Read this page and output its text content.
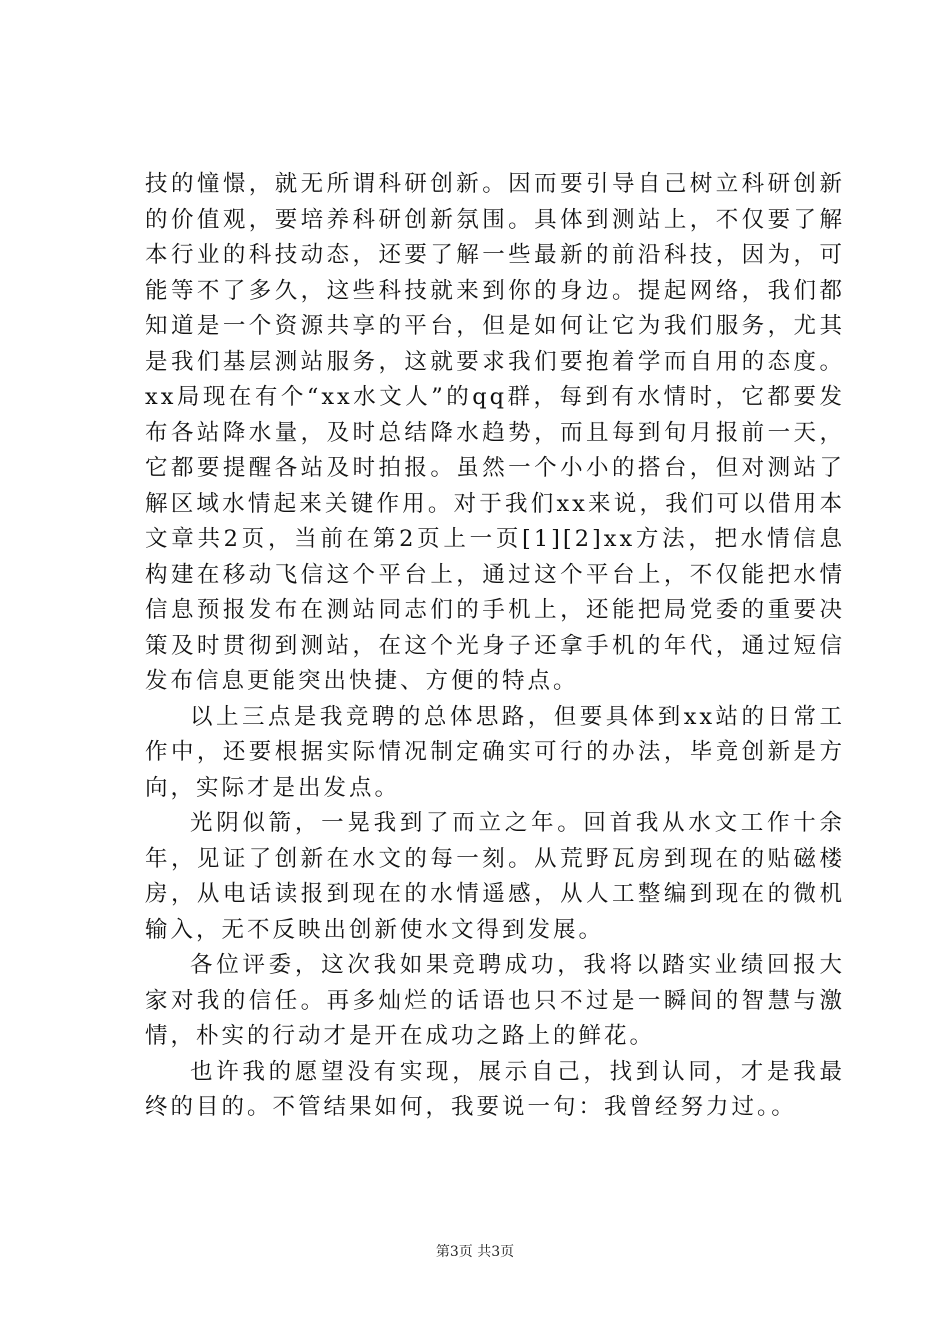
技的憧憬，就无所谓科研创新。因而要引导自己树立科研创新的价值观，要培养科研创新氛围。具体到测站上，不仅要了解本行业的科技动态，还要了解一些最新的前沿科技，因为，可能等不了多久，这些科技就来到你的身边。提起网络，我们都知道是一个资源共享的平台，但是如何让它为我们服务，尤其是我们基层测站服务，这就要求我们要抱着学而自用的态度。xx局现在有个“xx水文人”的qq群，每到有水情时，它都要发布各站降水量，及时总结降水趋势，而且每到旬月报前一天，它都要提醒各站及时拍报。虽然一个小小的搭台，但对测站了解区域水情起来关键作用。对于我们xx来说，我们可以借用本文章共2页，当前在第2页上一页[1][2]xx方法，把水情信息构建在移动飞信这个平台上，通过这个平台上，不仅能把水情信息预报发布在测站同志们的手机上，还能把局党委的重要决策及时贯彻到测站，在这个光身子还拿手机的年代，通过短信发布信息更能突出快捷、方便的特点。

以上三点是我竞聘的总体思路，但要具体到xx站的日常工作中，还要根据实际情况制定确实可行的办法，毕竟创新是方向，实际才是出发点。

光阴似箭，一晃我到了而立之年。回首我从水文工作十余年，见证了创新在水文的每一刻。从荒野瓦房到现在的贴磁楼房，从电话读报到现在的水情遥感，从人工整编到现在的微机输入，无不反映出创新使水文得到发展。

各位评委，这次我如果竞聘成功，我将以踏实业绩回报大家对我的信任。再多灿烂的话语也只不过是一瞬间的智慧与激情，朴实的行动才是开在成功之路上的鲜花。

也许我的愿望没有实现，展示自己，找到认同，才是我最终的目的。不管结果如何，我要说一句：我曾经努力过。。

第3页 共3页
